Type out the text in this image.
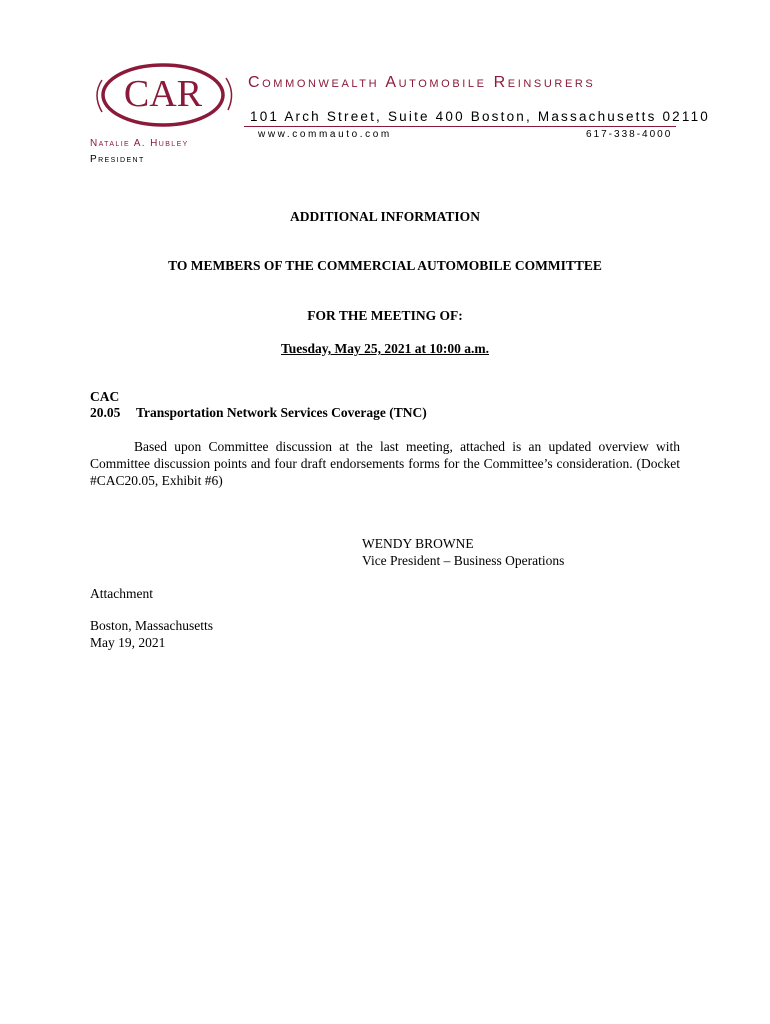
CAR	Commonwealth Automobile Reinsurers
101 Arch Street, Suite 400 Boston, Massachusetts 02110
www.commauto.com	617-338-4000
Natalie A. Hubley
President
ADDITIONAL INFORMATION
TO MEMBERS OF THE COMMERCIAL AUTOMOBILE COMMITTEE
FOR THE MEETING OF:
Tuesday, May 25, 2021 at 10:00 a.m.
CAC
20.05 Transportation Network Services Coverage (TNC)
Based upon Committee discussion at the last meeting, attached is an updated overview with Committee discussion points and four draft endorsements forms for the Committee’s consideration. (Docket #CAC20.05, Exhibit #6)
WENDY BROWNE
Vice President – Business Operations
Attachment
Boston, Massachusetts
May 19, 2021
